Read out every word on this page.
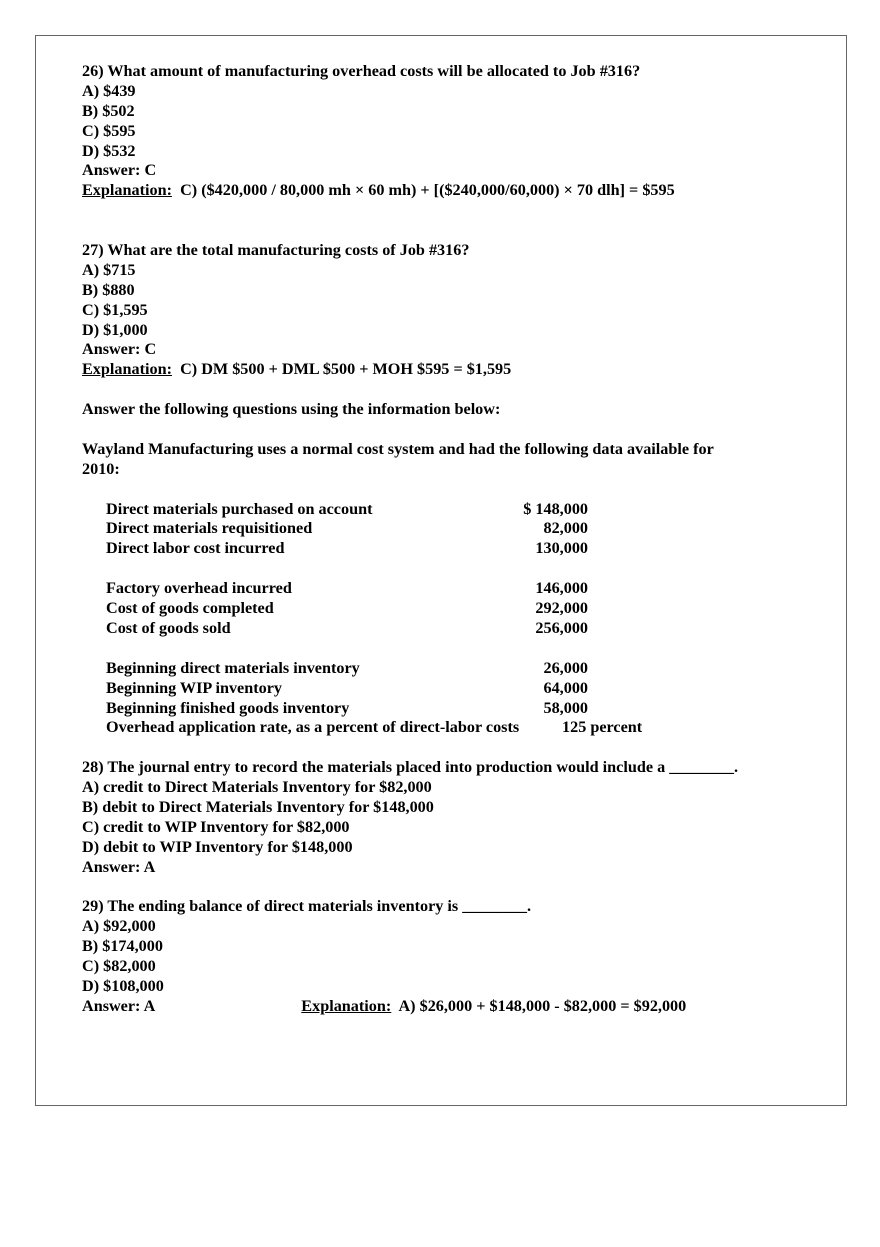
26) What amount of manufacturing overhead costs will be allocated to Job #316?
A) $439
B) $502
C) $595
D) $532
Answer: C
Explanation: C) ($420,000 / 80,000 mh × 60 mh) + [($240,000/60,000) × 70 dlh] = $595
27) What are the total manufacturing costs of Job #316?
A) $715
B) $880
C) $1,595
D) $1,000
Answer: C
Explanation: C) DM $500 + DML $500 + MOH $595 = $1,595
Answer the following questions using the information below:
Wayland Manufacturing uses a normal cost system and had the following data available for
2010:
Direct materials purchased on account	$ 148,000
Direct materials requisitioned	82,000
Direct labor cost incurred	130,000
Factory overhead incurred	146,000
Cost of goods completed	292,000
Cost of goods sold	256,000
Beginning direct materials inventory	26,000
Beginning WIP inventory	64,000
Beginning finished goods inventory	58,000
Overhead application rate, as a percent of direct-labor costs	125 percent
28) The journal entry to record the materials placed into production would include a ________.
A) credit to Direct Materials Inventory for $82,000
B) debit to Direct Materials Inventory for $148,000
C) credit to WIP Inventory for $82,000
D) debit to WIP Inventory for $148,000
Answer: A
29) The ending balance of direct materials inventory is ________.
A) $92,000
B) $174,000
C) $82,000
D) $108,000
Answer: A	Explanation: A) $26,000 + $148,000 - $82,000 = $92,000
